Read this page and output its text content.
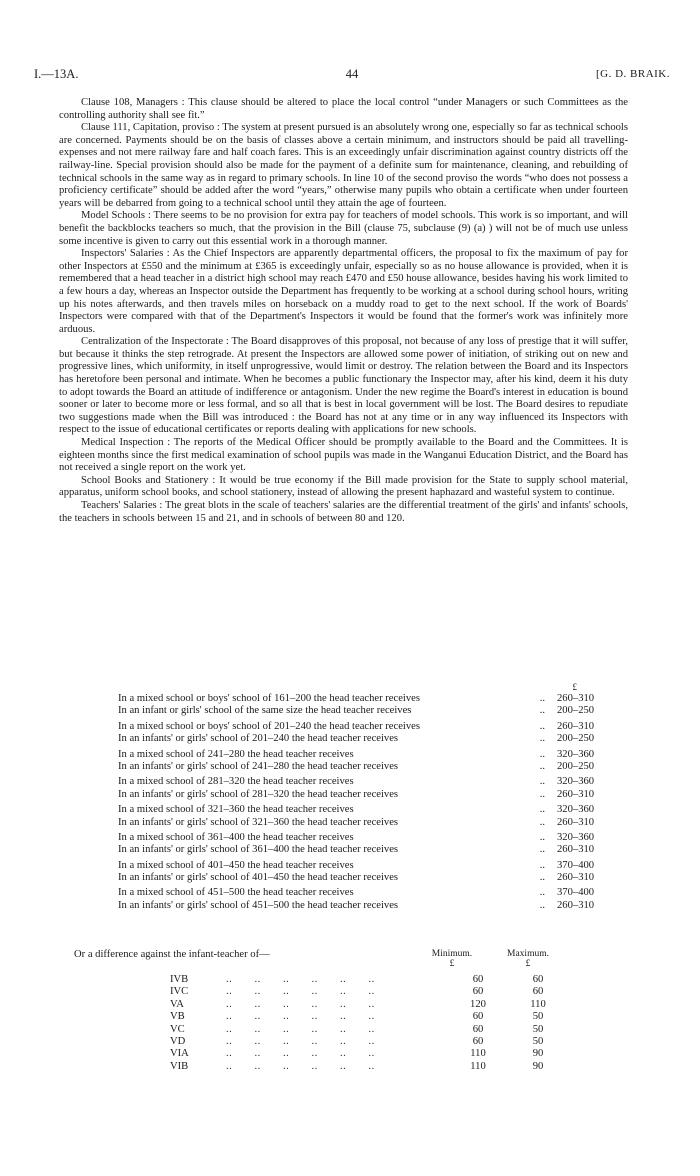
I.—13A.	44	[G. D. BRAIK.

Clause 108, Managers : This clause should be altered to place the local control “under Managers or such Committees as the controlling authority shall see fit.”

Clause 111, Capitation, proviso : The system at present pursued is an absolutely wrong one, especially so far as technical schools are concerned. Payments should be on the basis of classes above a certain minimum, and instructors should be paid all travelling-expenses and not mere railway fare and half coach fares. This is an exceedingly unfair discrimination against country districts off the railway-line. Special provision should also be made for the payment of a definite sum for maintenance, cleaning, and rebuilding of technical schools in the same way as in regard to primary schools. In line 10 of the second proviso the words “who does not possess a proficiency certificate” should be added after the word “years,” otherwise many pupils who obtain a certificate when under fourteen years will be debarred from going to a technical school until they attain the age of fourteen.

Model Schools : There seems to be no provision for extra pay for teachers of model schools. This work is so important, and will benefit the backblocks teachers so much, that the provision in the Bill (clause 75, subclause (9) (a) ) will not be of much use unless some incentive is given to carry out this essential work in a thorough manner.

Inspectors' Salaries : As the Chief Inspectors are apparently departmental officers, the proposal to fix the maximum of pay for other Inspectors at £550 and the minimum at £365 is exceedingly unfair, especially so as no house allowance is provided, when it is remembered that a head teacher in a district high school may reach £470 and £50 house allowance, besides having his work limited to a few hours a day, whereas an Inspector outside the Department has frequently to be working at a school during school hours, writing up his notes afterwards, and then travels miles on horseback on a muddy road to get to the next school. If the work of Boards' Inspectors were compared with that of the Department's Inspectors it would be found that the former's work was infinitely more arduous.

Centralization of the Inspectorate : The Board disapproves of this proposal, not because of any loss of prestige that it will suffer, but because it thinks the step retrograde. At present the Inspectors are allowed some power of initiation, of striking out on new and progressive lines, which uniformity, in itself unprogressive, would limit or destroy. The relation between the Board and its Inspectors has heretofore been personal and intimate. When he becomes a public functionary the Inspector may, after his kind, deem it his duty to adopt towards the Board an attitude of indifference or antagonism. Under the new regime the Board's interest in education is bound sooner or later to become more or less formal, and so all that is best in local government will be lost. The Board desires to repudiate two suggestions made when the Bill was introduced : the Board has not at any time or in any way influenced its Inspectors with respect to the issue of educational certificates or reports dealing with applications for new schools.

Medical Inspection : The reports of the Medical Officer should be promptly available to the Board and the Committees. It is eighteen months since the first medical examination of school pupils was made in the Wanganui Education District, and the Board has not received a single report on the work yet.

School Books and Stationery : It would be true economy if the Bill made provision for the State to supply school material, apparatus, uniform school books, and school stationery, instead of allowing the present haphazard and wasteful system to continue.

Teachers' Salaries : The great blots in the scale of teachers' salaries are the differential treatment of the girls' and infants' schools, the teachers in schools between 15 and 21, and in schools of between 80 and 120.

£
In a mixed school or boys' school of 161–200 the head teacher receives	..	260–310
In an infant or girls' school of the same size the head teacher receives	..	200–250
In a mixed school or boys' school of 201–240 the head teacher receives	..	260–310
In an infants' or girls' school of 201–240 the head teacher receives	..	200–250
In a mixed school of 241–280 the head teacher receives	..	320–360
In an infants' or girls' school of 241–280 the head teacher receives	..	200–250
In a mixed school of 281–320 the head teacher receives	..	320–360
In an infants' or girls' school of 281–320 the head teacher receives	..	260–310
In a mixed school of 321–360 the head teacher receives	..	320–360
In an infants' or girls' school of 321–360 the head teacher receives	..	260–310
In a mixed school of 361–400 the head teacher receives	..	320–360
In an infants' or girls' school of 361–400 the head teacher receives	..	260–310
In a mixed school of 401–450 the head teacher receives	..	370–400
In an infants' or girls' school of 401–450 the head teacher receives	..	260–310
In a mixed school of 451–500 the head teacher receives	..	370–400
In an infants' or girls' school of 451–500 the head teacher receives	..	260–310
Or a difference against the infant-teacher of—	Minimum.
£
Maximum.
£
IVB	..  ..  ..  ..  ..  ..	60	60
IVC	..  ..  ..  ..  ..  ..	60	60
VA	..  ..  ..  ..  ..  ..	120	110
VB	..  ..  ..  ..  ..  ..	60	50
VC	..  ..  ..  ..  ..  ..	60	50
VD	..  ..  ..  ..  ..  ..	60	50
VIA	..  ..  ..  ..  ..  ..	110	90
VIB	..  ..  ..  ..  ..  ..	110	90
